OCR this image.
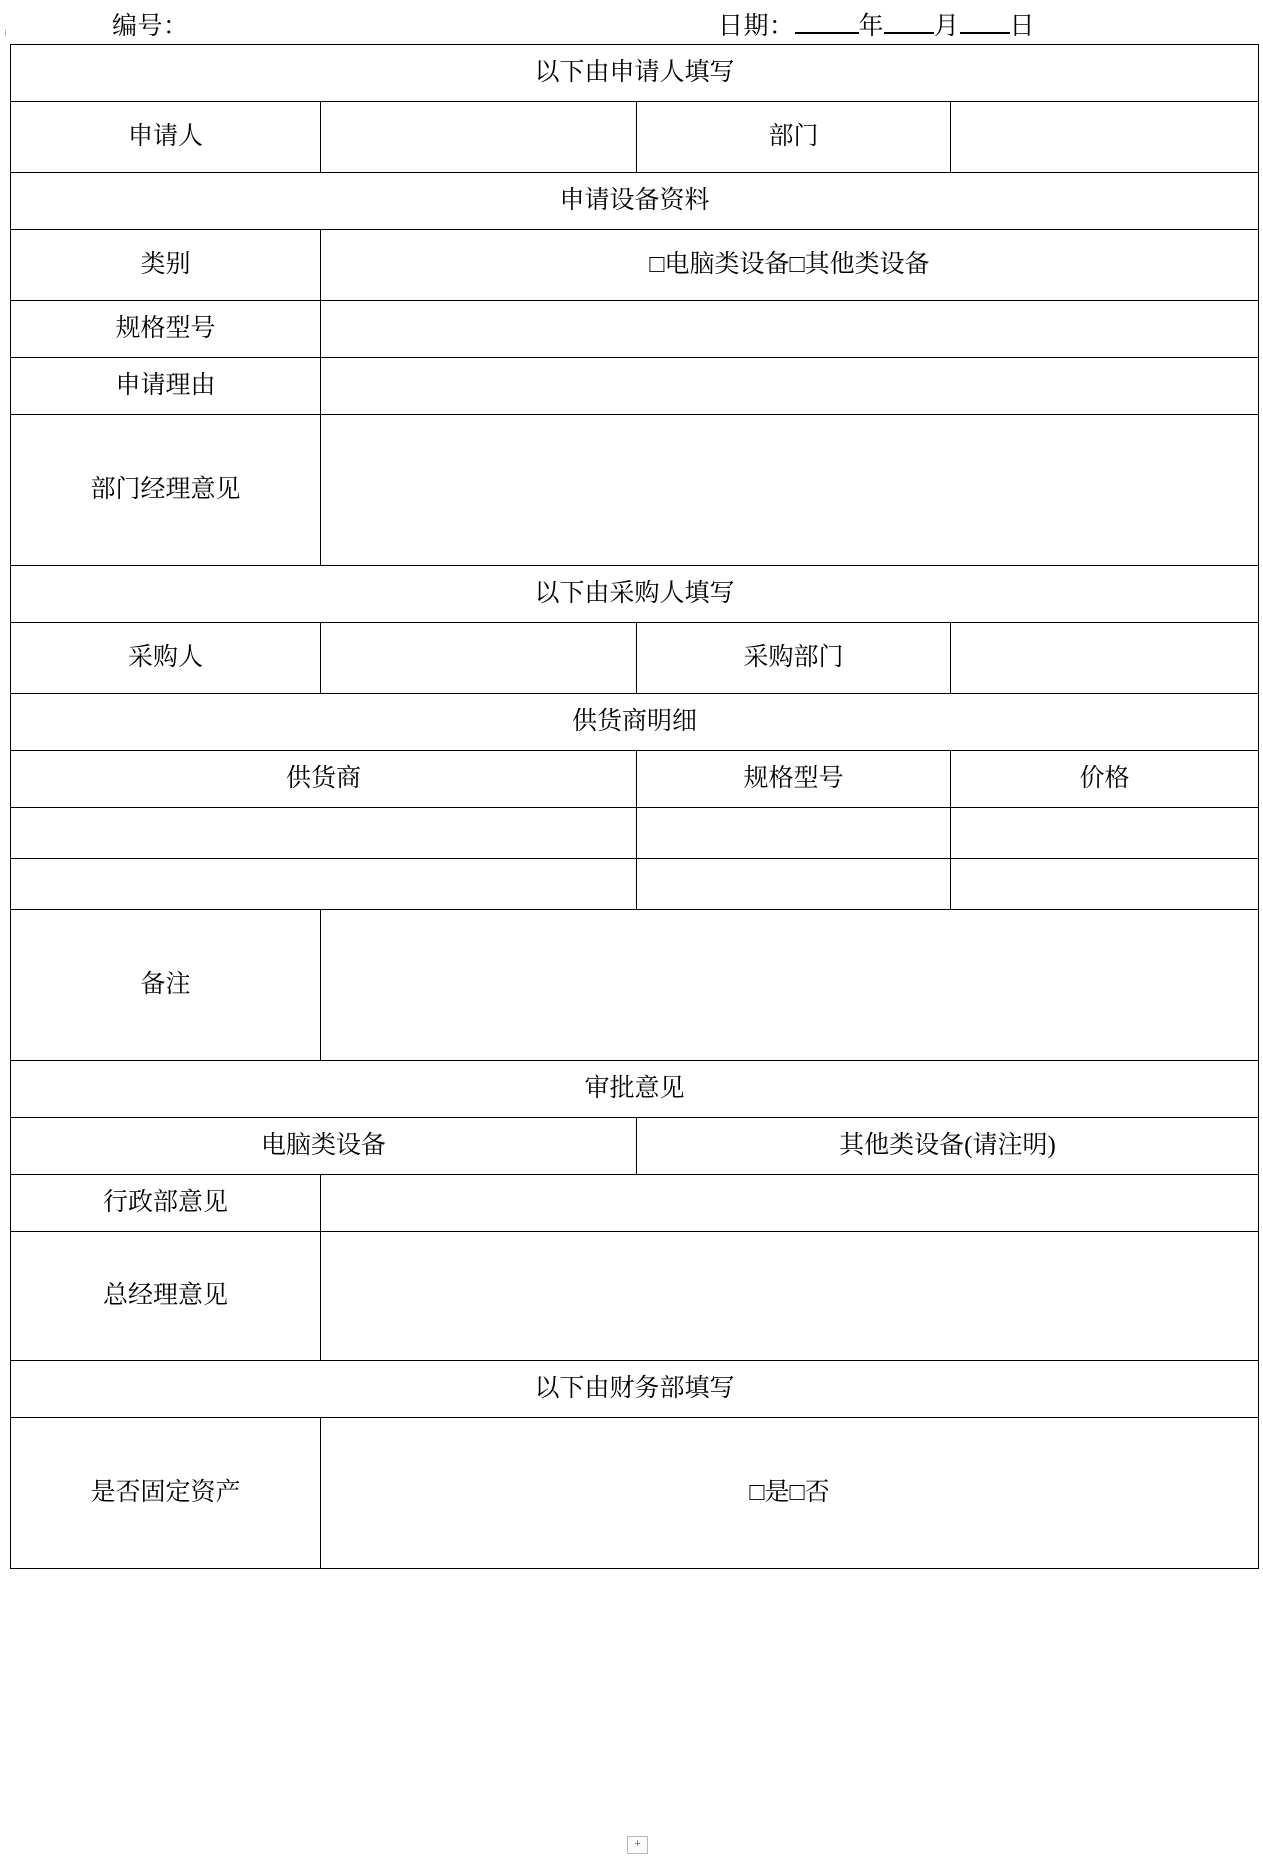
⁞	编号：	日期：	年 月 日
以下由申请人填写			
申请人		部门	
申请设备资料			
类别	□电脑类设备□其他类设备		
规格型号			
申请理由			
部门经理意见			
以下由采购人填写			
采购人		采购部门	
供货商明细			
供货商		规格型号	价格

备注			
审批意见			
电脑类设备		其他类设备(请注明)	
行政部意见			
总经理意见			
以下由财务部填写			
是否固定资产	□是□否		
+
